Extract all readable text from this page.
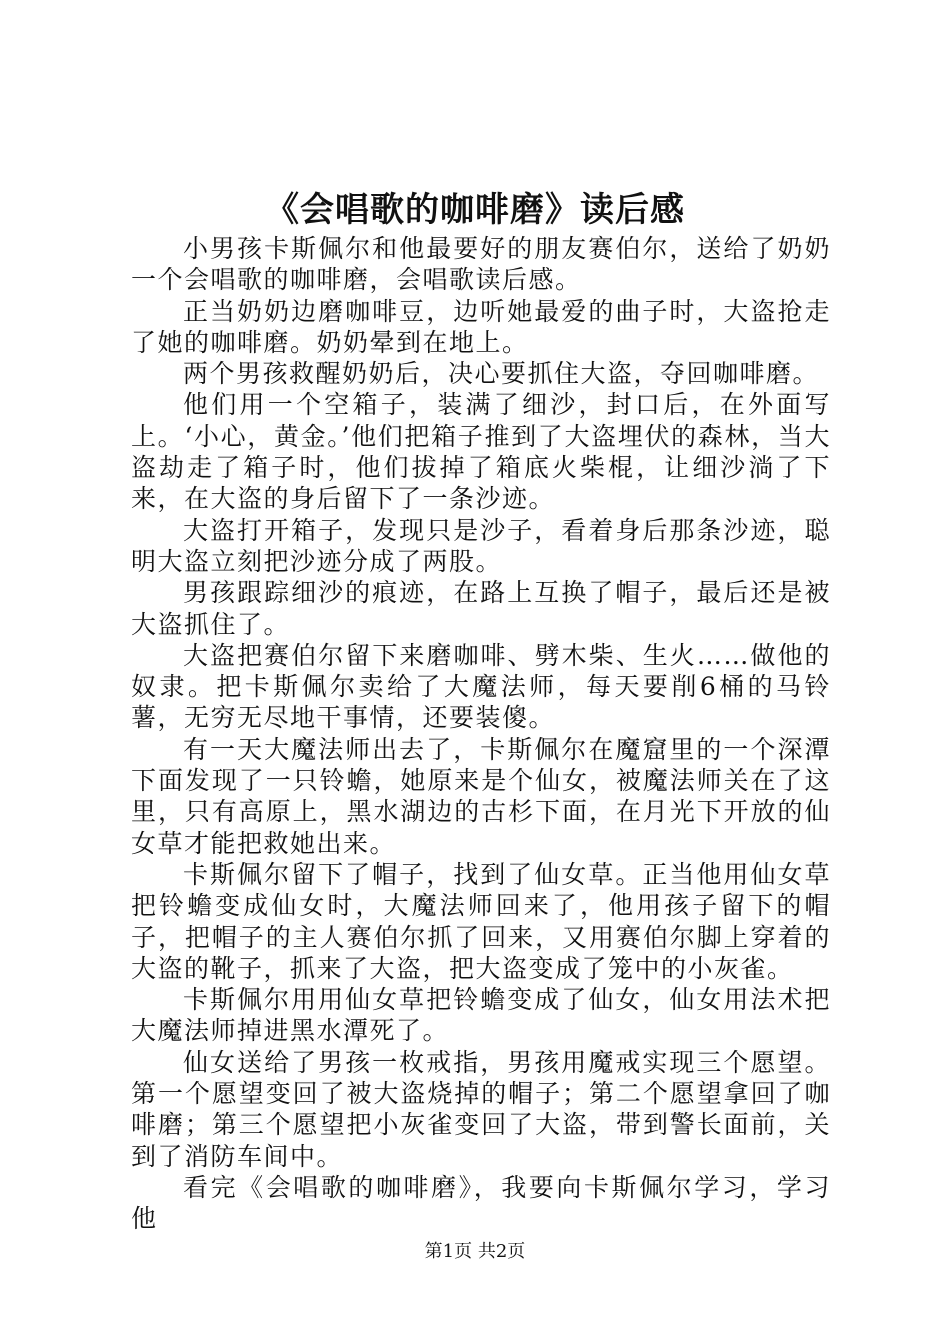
《会唱歌的咖啡磨》读后感

小男孩卡斯佩尔和他最要好的朋友赛伯尔，送给了奶奶一个会唱歌的咖啡磨，会唱歌读后感。

正当奶奶边磨咖啡豆，边听她最爱的曲子时，大盗抢走了她的咖啡磨。奶奶晕到在地上。

两个男孩救醒奶奶后，决心要抓住大盗，夺回咖啡磨。

他们用一个空箱子，装满了细沙，封口后，在外面写上。‘小心，黄金。’他们把箱子推到了大盗埋伏的森林，当大盗劫走了箱子时，他们拔掉了箱底火柴棍，让细沙淌了下来，在大盗的身后留下了一条沙迹。

大盗打开箱子，发现只是沙子，看着身后那条沙迹，聪明大盗立刻把沙迹分成了两股。

男孩跟踪细沙的痕迹，在路上互换了帽子，最后还是被大盗抓住了。

大盗把赛伯尔留下来磨咖啡、劈木柴、生火……做他的奴隶。把卡斯佩尔卖给了大魔法师，每天要削6桶的马铃薯，无穷无尽地干事情，还要装傻。

有一天大魔法师出去了，卡斯佩尔在魔窟里的一个深潭下面发现了一只铃蟾，她原来是个仙女，被魔法师关在了这里，只有高原上，黑水湖边的古杉下面，在月光下开放的仙女草才能把救她出来。

卡斯佩尔留下了帽子，找到了仙女草。正当他用仙女草把铃蟾变成仙女时，大魔法师回来了，他用孩子留下的帽子，把帽子的主人赛伯尔抓了回来，又用赛伯尔脚上穿着的大盗的靴子，抓来了大盗，把大盗变成了笼中的小灰雀。

卡斯佩尔用用仙女草把铃蟾变成了仙女，仙女用法术把大魔法师掉进黑水潭死了。

仙女送给了男孩一枚戒指，男孩用魔戒实现三个愿望。第一个愿望变回了被大盗烧掉的帽子；第二个愿望拿回了咖啡磨；第三个愿望把小灰雀变回了大盗，带到警长面前，关到了消防车间中。

看完《会唱歌的咖啡磨》，我要向卡斯佩尔学习，学习他

第1页 共2页
